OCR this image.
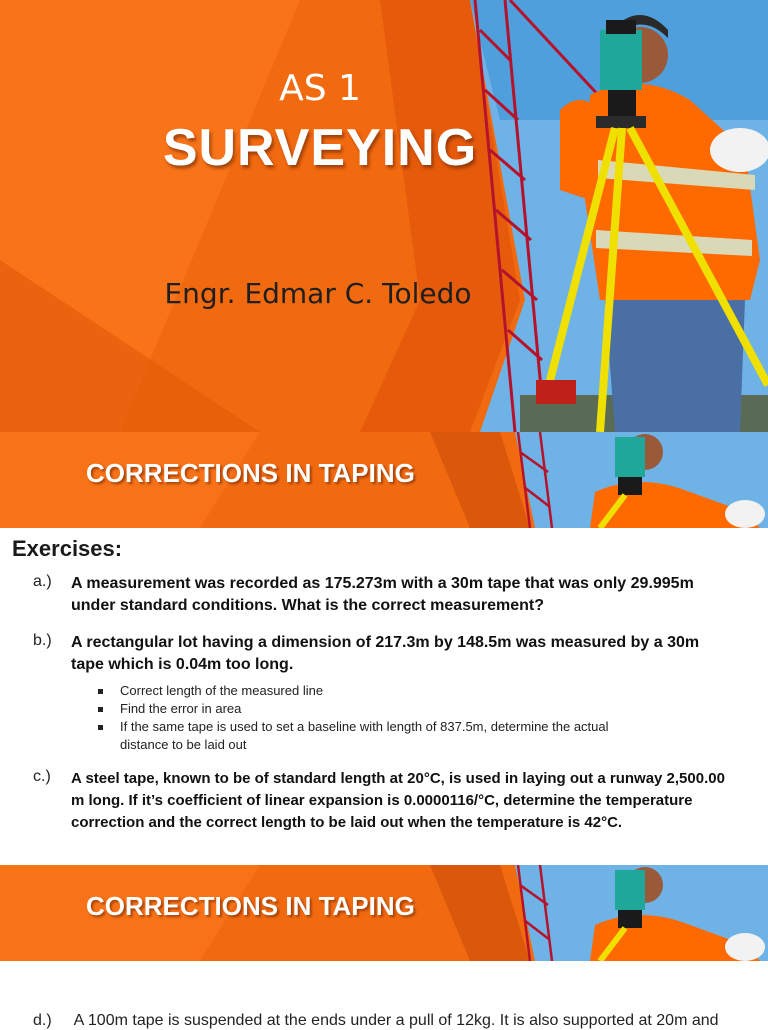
AS 1
SURVEYING
Engr. Edmar C. Toledo
CORRECTIONS IN TAPING
Exercises:
a.) A measurement was recorded as 175.273m with a 30m tape that was only 29.995m
under standard conditions. What is the correct measurement?
b.) A rectangular lot having a dimension of 217.3m by 148.5m was measured by a 30m
tape which is 0.04m too long.
Correct length of the measured line
Find the error in area
If the same tape is used to set a baseline with length of 837.5m, determine the actual
distance to be laid out
c.) A steel tape, known to be of standard length at 20°C, is used in laying out a runway 2,500.00
m long. If it’s coefficient of linear expansion is 0.0000116/°C, determine the temperature
correction and the correct length to be laid out when the temperature is 42°C.
CORRECTIONS IN TAPING
d.) A 100m tape is suspended at the ends under a pull of 12kg. It is also supported at 20m and
